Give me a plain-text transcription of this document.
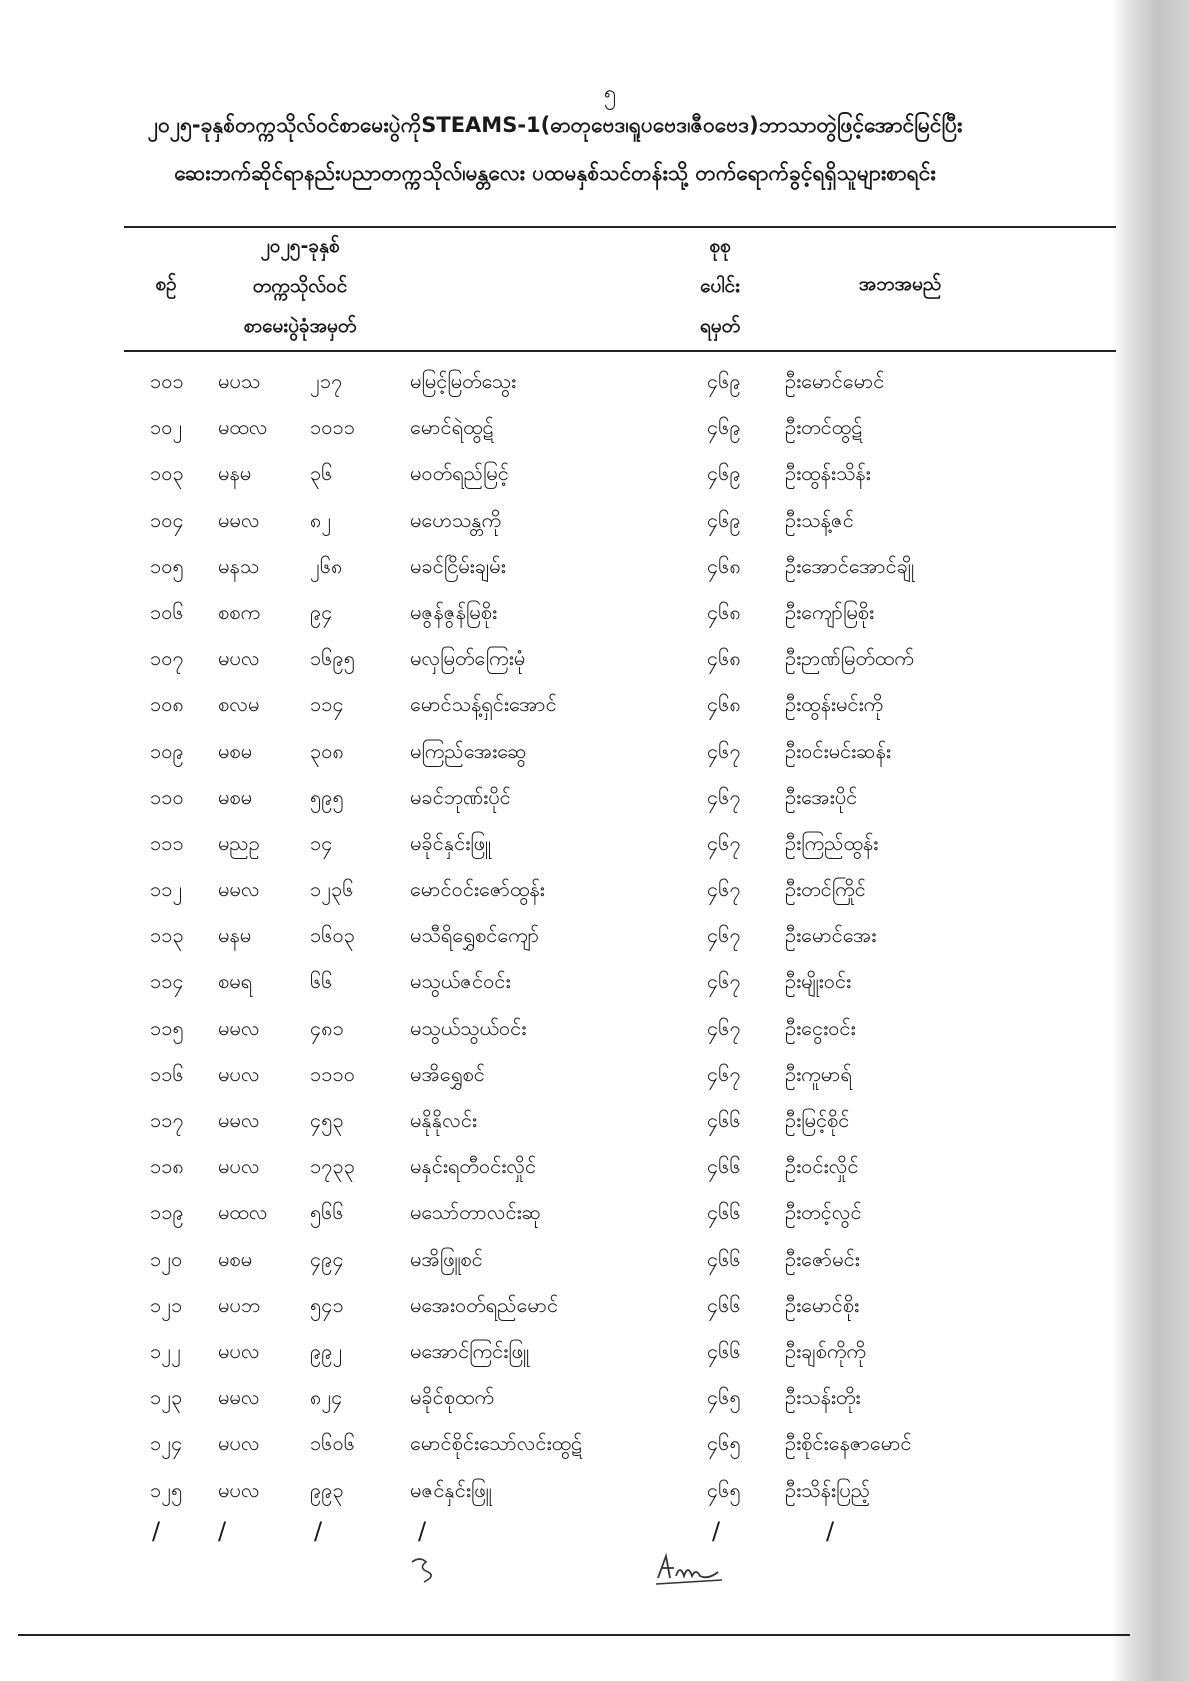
၅
၂၀၂၅-ခုနှစ်တက္ကသိုလ်ဝင်စာမေးပွဲကိုSTEAMS-1(ဓာတုဗေဒ၊ရူပဗေဒ၊ဇီဝဗေဒ)ဘာသာတွဲဖြင့်အောင်မြင်ပြီး
ဆေးဘက်ဆိုင်ရာနည်းပညာတက္ကသိုလ်၊မန္တလေး ပထမနှစ်သင်တန်းသို့ တက်ရောက်ခွင့်ရရှိသူများစာရင်း
စဉ်
၂၀၂၅-ခုနှစ်
တက္ကသိုလ်ဝင်
စာမေးပွဲခုံအမှတ်
စုစု
ပေါင်း
ရမှတ်
အဘအမည်
၁၀၁ မပသ ၂၁၇	မမြင့်မြတ်သွေး	၄၆၉ ဦးမောင်မောင်
၁၀၂ မထလ ၁၀၁၁	မောင်ရဲထွဋ်	၄၆၉ ဦးတင်ထွဋ်
၁၀၃ မနမ	၃၆	မဝတ်ရည်မြင့်	၄၆၉ ဦးထွန်းသိန်း
၁၀၄ မမလ	၈၂	မဟေသန္တကို	၄၆၉ ဦးသန့်ဇင်
၁၀၅ မနသ	၂၆၈	မခင်ငြိမ်းချမ်း	၄၆၈ ဦးအောင်အောင်ချို
၁၀၆ စစက ၉၄	မဇွန်ဇွန်မြစိုး	၄၆၈ ဦးကျော်မြစိုး
၁၀၇ မပလ	၁၆၉၅	မလှမြတ်ကြေးမုံ	၄၆၈ ဦးဉာဏ်မြတ်ထက်
၁၀၈ စလမ	၁၁၄	မောင်သန့်ရှင်းအောင်	၄၆၈ ဦးထွန်းမင်းကို
၁၀၉ မစမ	၃၀၈	မကြည်အေးဆွေ	၄၆၇ ဦးဝင်းမင်းဆန်း
၁၁၀ မစမ	၅၉၅	မခင်ဘုဏ်းပိုင်	၄၆၇ ဦးအေးပိုင်
၁၁၁ မညဥ	၁၄	မခိုင်နှင်းဖြူ	၄၆၇ ဦးကြည်ထွန်း
၁၁၂ မမလ	၁၂၃၆	မောင်ဝင်းဇော်ထွန်း	၄၆၇ ဦးတင်ကြိုင်
၁၁၃ မနမ	၁၆၀၃	မသီရိရွှေစင်ကျော်	၄၆၇ ဦးမောင်အေး
၁၁၄ စမရ	၆၆	မသွယ်ဇင်ဝင်း	၄၆၇ ဦးမျိုးဝင်း
၁၁၅ မမလ	၄၈၁	မသွယ်သွယ်ဝင်း	၄၆၇ ဦးငွေးဝင်း
၁၁၆ မပလ	၁၁၁၀	မအိရွှေစင်	၄၆၇ ဦးကူမာရ်
၁၁၇ မမလ	၄၅၃	မနိုနိုလင်း	၄၆၆ ဦးမြင့်စိုင်
၁၁၈ မပလ	၁၇၃၃	မနှင်းရတီဝင်းလှိုင်	၄၆၆ ဦးဝင်းလှိုင်
၁၁၉ မထလ ၅၆၆	မသော်တာလင်းဆု	၄၆၆ ဦးတင့်လွင်
၁၂၀ မစမ	၄၉၄	မအိဖြူစင်	၄၆၆ ဦးဇော်မင်း
၁၂၁ မပဘ ၅၄၁	မအေးဝတ်ရည်မောင်	၄၆၆ ဦးမောင်စိုး
၁၂၂ မပလ	၉၉၂	မအောင်ကြင်းဖြူ	၄၆၆ ဦးချစ်ကိုကို
၁၂၃ မမလ	၈၂၄	မခိုင်စုထက်	၄၆၅ ဦးသန်းတိုး
၁၂၄ မပလ	၁၆၀၆	မောင်စိုင်းသော်လင်းထွဋ်	၄၆၅ ဦးစိုင်းနေဇာမောင်
၁၂၅ မပလ	၉၉၃	မဇင်နှင်းဖြူ	၄၆၅ ဦးသိန်းပြည့်
/ /	/	/	/	/
